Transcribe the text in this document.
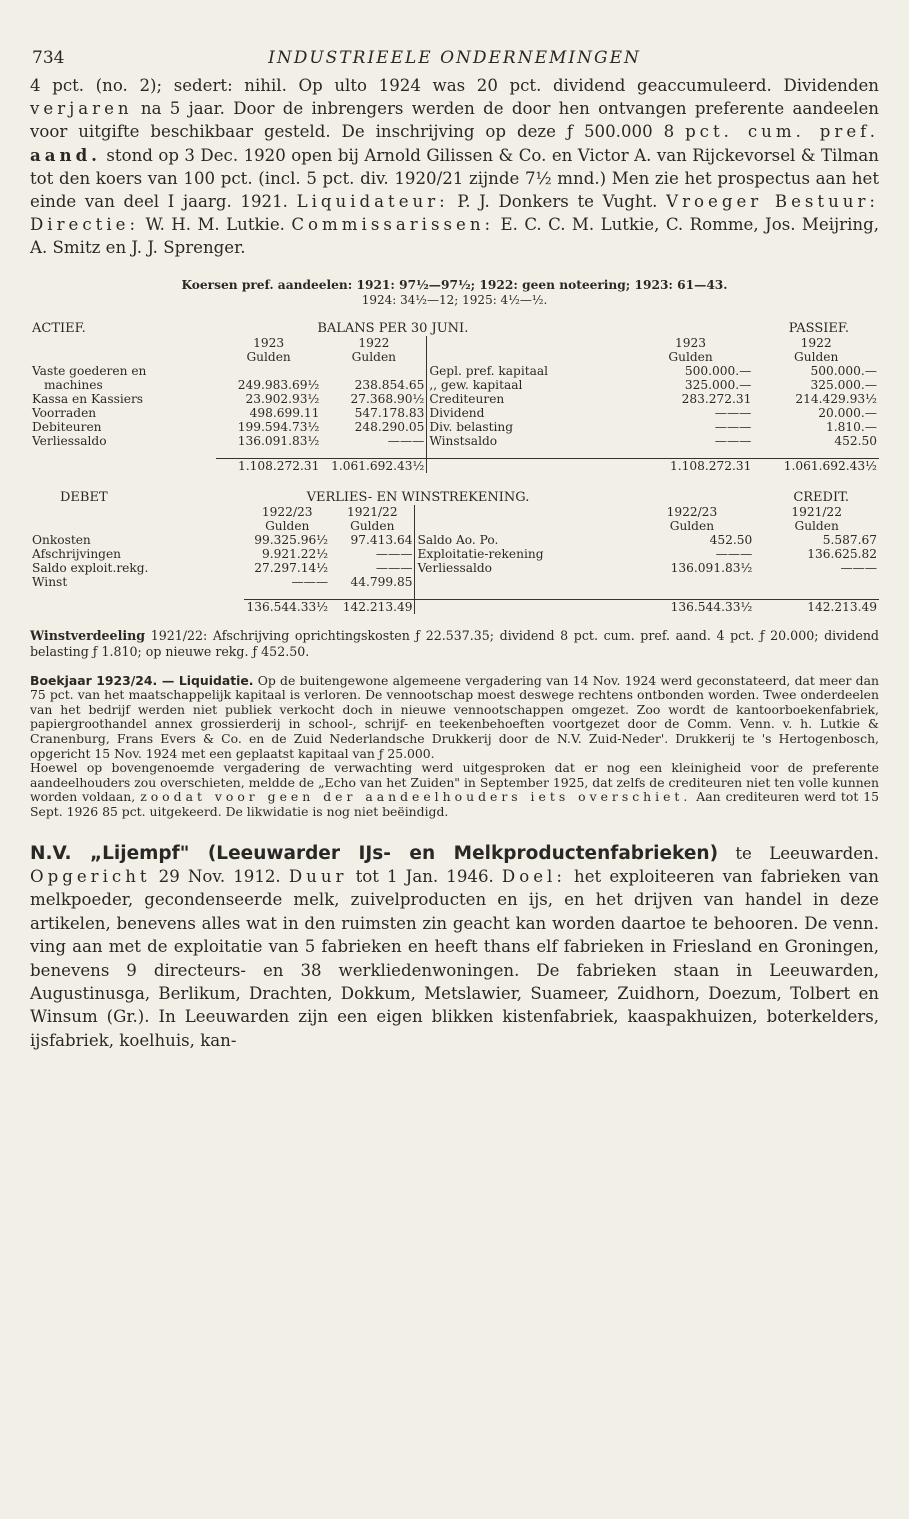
734	INDUSTRIEELE ONDERNEMINGEN

4 pct. (no. 2); sedert: nihil. Op ulto 1924 was 20 pct. dividend geaccumuleerd. Dividenden verjaren na 5 jaar. Door de inbrengers werden de door hen ontvangen preferente aandeelen voor uitgifte beschikbaar gesteld. De inschrijving op deze ƒ 500.000 8 pct. cum. pref. aand. stond op 3 Dec. 1920 open bij Arnold Gilissen & Co. en Victor A. van Rijckevorsel & Tilman tot den koers van 100 pct. (incl. 5 pct. div. 1920/21 zijnde 7½ mnd.) Men zie het prospectus aan het einde van deel I jaarg. 1921. Liquidateur: P. J. Donkers te Vught. Vroeger Bestuur: Directie: W. H. M. Lutkie. Commissarissen: E. C. C. M. Lutkie, C. Romme, Jos. Meijring, A. Smitz en J. J. Sprenger.

Koersen pref. aandeelen: 1921: 97½—97½; 1922: geen noteering; 1923: 61—43.
1924: 34½—12; 1925: 4½—½.
ACTIEF.	BALANS PER 30 JUNI.			PASSIEF.	
	1923	1922		1923	1922
	Gulden	Gulden		Gulden	Gulden
Vaste goederen en			Gepl. pref. kapitaal	500.000.—	500.000.—
machines	249.983.69½	238.854.65	,, gew. kapitaal	325.000.—	325.000.—
Kassa en Kassiers	23.902.93½	27.368.90½	Crediteuren	283.272.31	214.429.93½
Voorraden	498.699.11	547.178.83	Dividend	———	20.000.—
Debiteuren	199.594.73½	248.290.05	Div. belasting	———	1.810.—
Verliessaldo	136.091.83½	———	Winstsaldo	———	452.50

	1.108.272.31	1.061.692.43½		1.108.272.31	1.061.692.43½
DEBET	VERLIES- EN WINSTREKENING.			CREDIT.	
	1922/23	1921/22		1922/23	1921/22
	Gulden	Gulden		Gulden	Gulden
Onkosten	99.325.96½	97.413.64	Saldo Ao. Po.	452.50	5.587.67
Afschrijvingen	9.921.22½	———	Exploitatie-rekening	———	136.625.82
Saldo exploit.rekg.	27.297.14½	———	Verliessaldo	136.091.83½	———
Winst	———	44.799.85			

	136.544.33½	142.213.49		136.544.33½	142.213.49
Winstverdeeling 1921/22: Afschrijving oprichtingskosten ƒ 22.537.35; dividend 8 pct. cum. pref. aand. 4 pct. ƒ 20.000; dividend belasting ƒ 1.810; op nieuwe rekg. ƒ 452.50.
Boekjaar 1923/24. — Liquidatie. Op de buitengewone algemeene vergadering van 14 Nov. 1924 werd geconstateerd, dat meer dan 75 pct. van het maatschappelijk kapitaal is verloren. De vennootschap moest deswege rechtens ontbonden worden. Twee onderdeelen van het bedrijf werden niet publiek verkocht doch in nieuwe vennootschappen omgezet. Zoo wordt de kantoorboekenfabriek, papiergroothandel annex grossierderij in school-, schrijf- en teekenbehoeften voortgezet door de Comm. Venn. v. h. Lutkie & Cranenburg, Frans Evers & Co. en de Zuid Nederlandsche Drukkerij door de N.V. Zuid-Neder'. Drukkerij te 's Hertogenbosch, opgericht 15 Nov. 1924 met een geplaatst kapitaal van ƒ 25.000.
Hoewel op bovengenoemde vergadering de verwachting werd uitgesproken dat er nog een kleinigheid voor de preferente aandeelhouders zou overschieten, meldde de „Echo van het Zuiden" in September 1925, dat zelfs de crediteuren niet ten volle kunnen worden voldaan, zoodat voor geen der aandeelhouders iets overschiet. Aan crediteuren werd tot 15 Sept. 1926 85 pct. uitgekeerd. De likwidatie is nog niet beëindigd.

N.V. „Lijempf" (Leeuwarder IJs- en Melkproductenfabrieken) te Leeuwarden. Opgericht 29 Nov. 1912. Duur tot 1 Jan. 1946. Doel: het exploiteeren van fabrieken van melkpoeder, gecondenseerde melk, zuivelproducten en ijs, en het drijven van handel in deze artikelen, benevens alles wat in den ruimsten zin geacht kan worden daartoe te behooren. De venn. ving aan met de exploitatie van 5 fabrieken en heeft thans elf fabrieken in Friesland en Groningen, benevens 9 directeurs- en 38 werkliedenwoningen. De fabrieken staan in Leeuwarden, Augustinusga, Berlikum, Drachten, Dokkum, Metslawier, Suameer, Zuidhorn, Doezum, Tolbert en Winsum (Gr.). In Leeuwarden zijn een eigen blikken kistenfabriek, kaaspakhuizen, boterkelders, ijsfabriek, koelhuis, kan-
